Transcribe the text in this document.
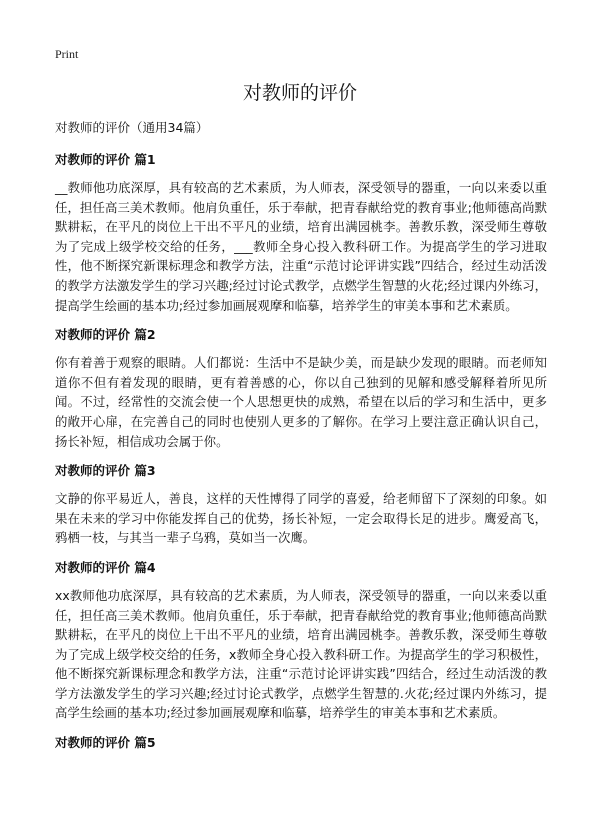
Print
对教师的评价
对教师的评价（通用34篇）
对教师的评价 篇1

__教师他功底深厚，具有较高的艺术素质，为人师表，深受领导的器重，一向以来委以重任，担任高三美术教师。他肩负重任，乐于奉献，把青春献给党的教育事业;他师德高尚默默耕耘，在平凡的岗位上干出不平凡的业绩，培育出满园桃李。善教乐教，深受师生尊敬为了完成上级学校交给的任务，___教师全身心投入教科研工作。为提高学生的学习进取性，他不断探究新课标理念和教学方法，注重“示范讨论评讲实践”四结合，经过生动活泼的教学方法激发学生的学习兴趣;经过讨论式教学，点燃学生智慧的火花;经过课内外练习，提高学生绘画的基本功;经过参加画展观摩和临摹，培养学生的审美本事和艺术素质。

对教师的评价 篇2

你有着善于观察的眼睛。人们都说：生活中不是缺少美，而是缺少发现的眼睛。而老师知道你不但有着发现的眼睛，更有着善感的心，你以自己独到的见解和感受解释着所见所闻。不过，经常性的交流会使一个人思想更快的成熟，希望在以后的学习和生活中，更多的敞开心扉，在完善自己的同时也使别人更多的了解你。在学习上要注意正确认识自己，扬长补短，相信成功会属于你。

对教师的评价 篇3

文静的你平易近人，善良，这样的天性博得了同学的喜爱，给老师留下了深刻的印象。如果在未来的学习中你能发挥自己的优势，扬长补短，一定会取得长足的进步。鹰爱高飞，鸦栖一枝，与其当一辈子乌鸦，莫如当一次鹰。

对教师的评价 篇4

xx教师他功底深厚，具有较高的艺术素质，为人师表，深受领导的器重，一向以来委以重任，担任高三美术教师。他肩负重任，乐于奉献，把青春献给党的教育事业;他师德高尚默默耕耘，在平凡的岗位上干出不平凡的业绩，培育出满园桃李。善教乐教，深受师生尊敬为了完成上级学校交给的任务，x教师全身心投入教科研工作。为提高学生的学习积极性，他不断探究新课标理念和教学方法，注重“示范讨论评讲实践”四结合，经过生动活泼的教学方法激发学生的学习兴趣;经过讨论式教学，点燃学生智慧的.火花;经过课内外练习，提高学生绘画的基本功;经过参加画展观摩和临摹，培养学生的审美本事和艺术素质。

对教师的评价 篇5
